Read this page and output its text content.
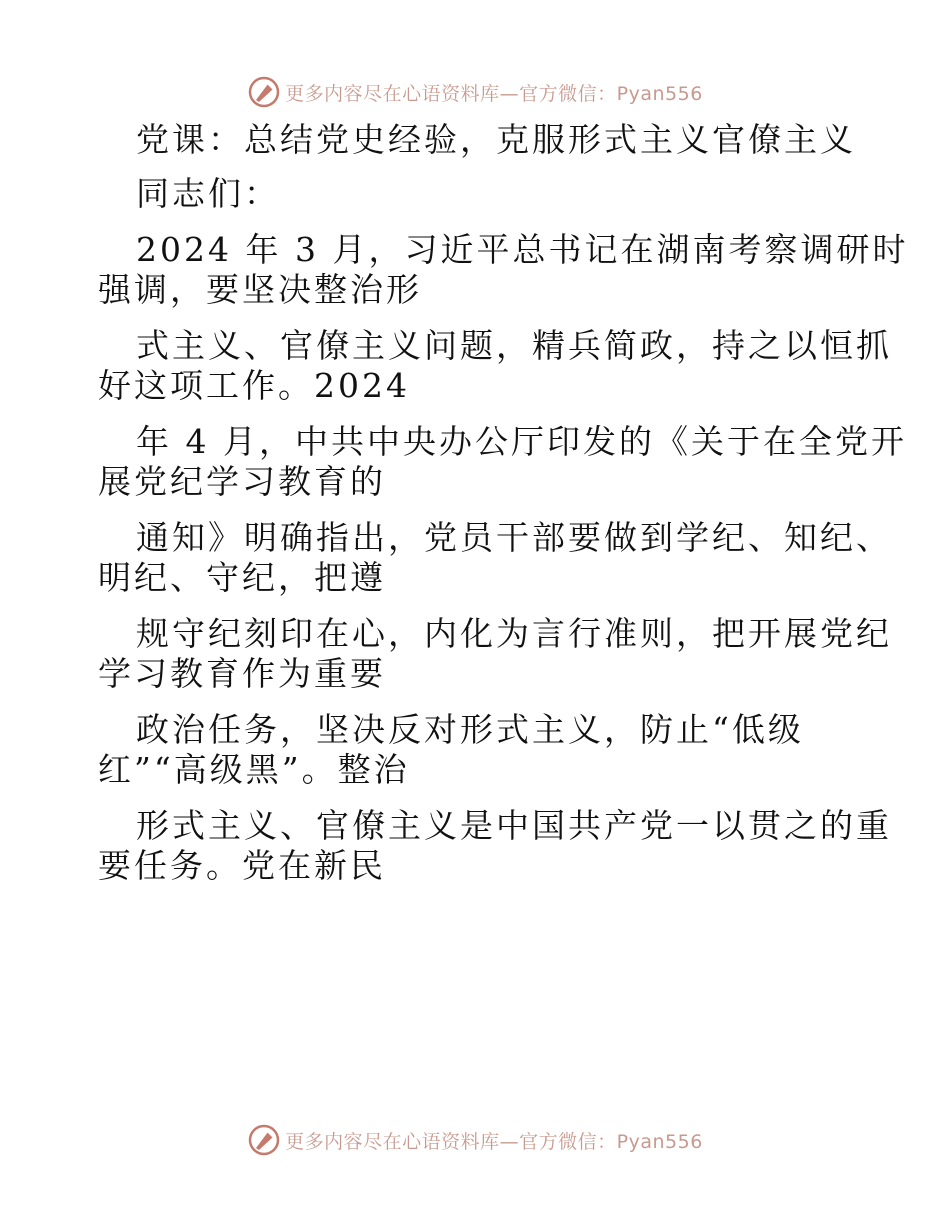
更多内容尽在心语资料库—官方微信：Pyan556
党课：总结党史经验，克服形式主义官僚主义
同志们：
2024 年 3 月，习近平总书记在湖南考察调研时
强调，要坚决整治形
式主义、官僚主义问题，精兵简政，持之以恒抓
好这项工作。2024
年 4 月，中共中央办公厅印发的《关于在全党开
展党纪学习教育的
通知》明确指出，党员干部要做到学纪、知纪、
明纪、守纪，把遵
规守纪刻印在心，内化为言行准则，把开展党纪
学习教育作为重要
政治任务，坚决反对形式主义，防止“低级
红”“高级黑”。整治
形式主义、官僚主义是中国共产党一以贯之的重
要任务。党在新民
更多内容尽在心语资料库—官方微信：Pyan556
